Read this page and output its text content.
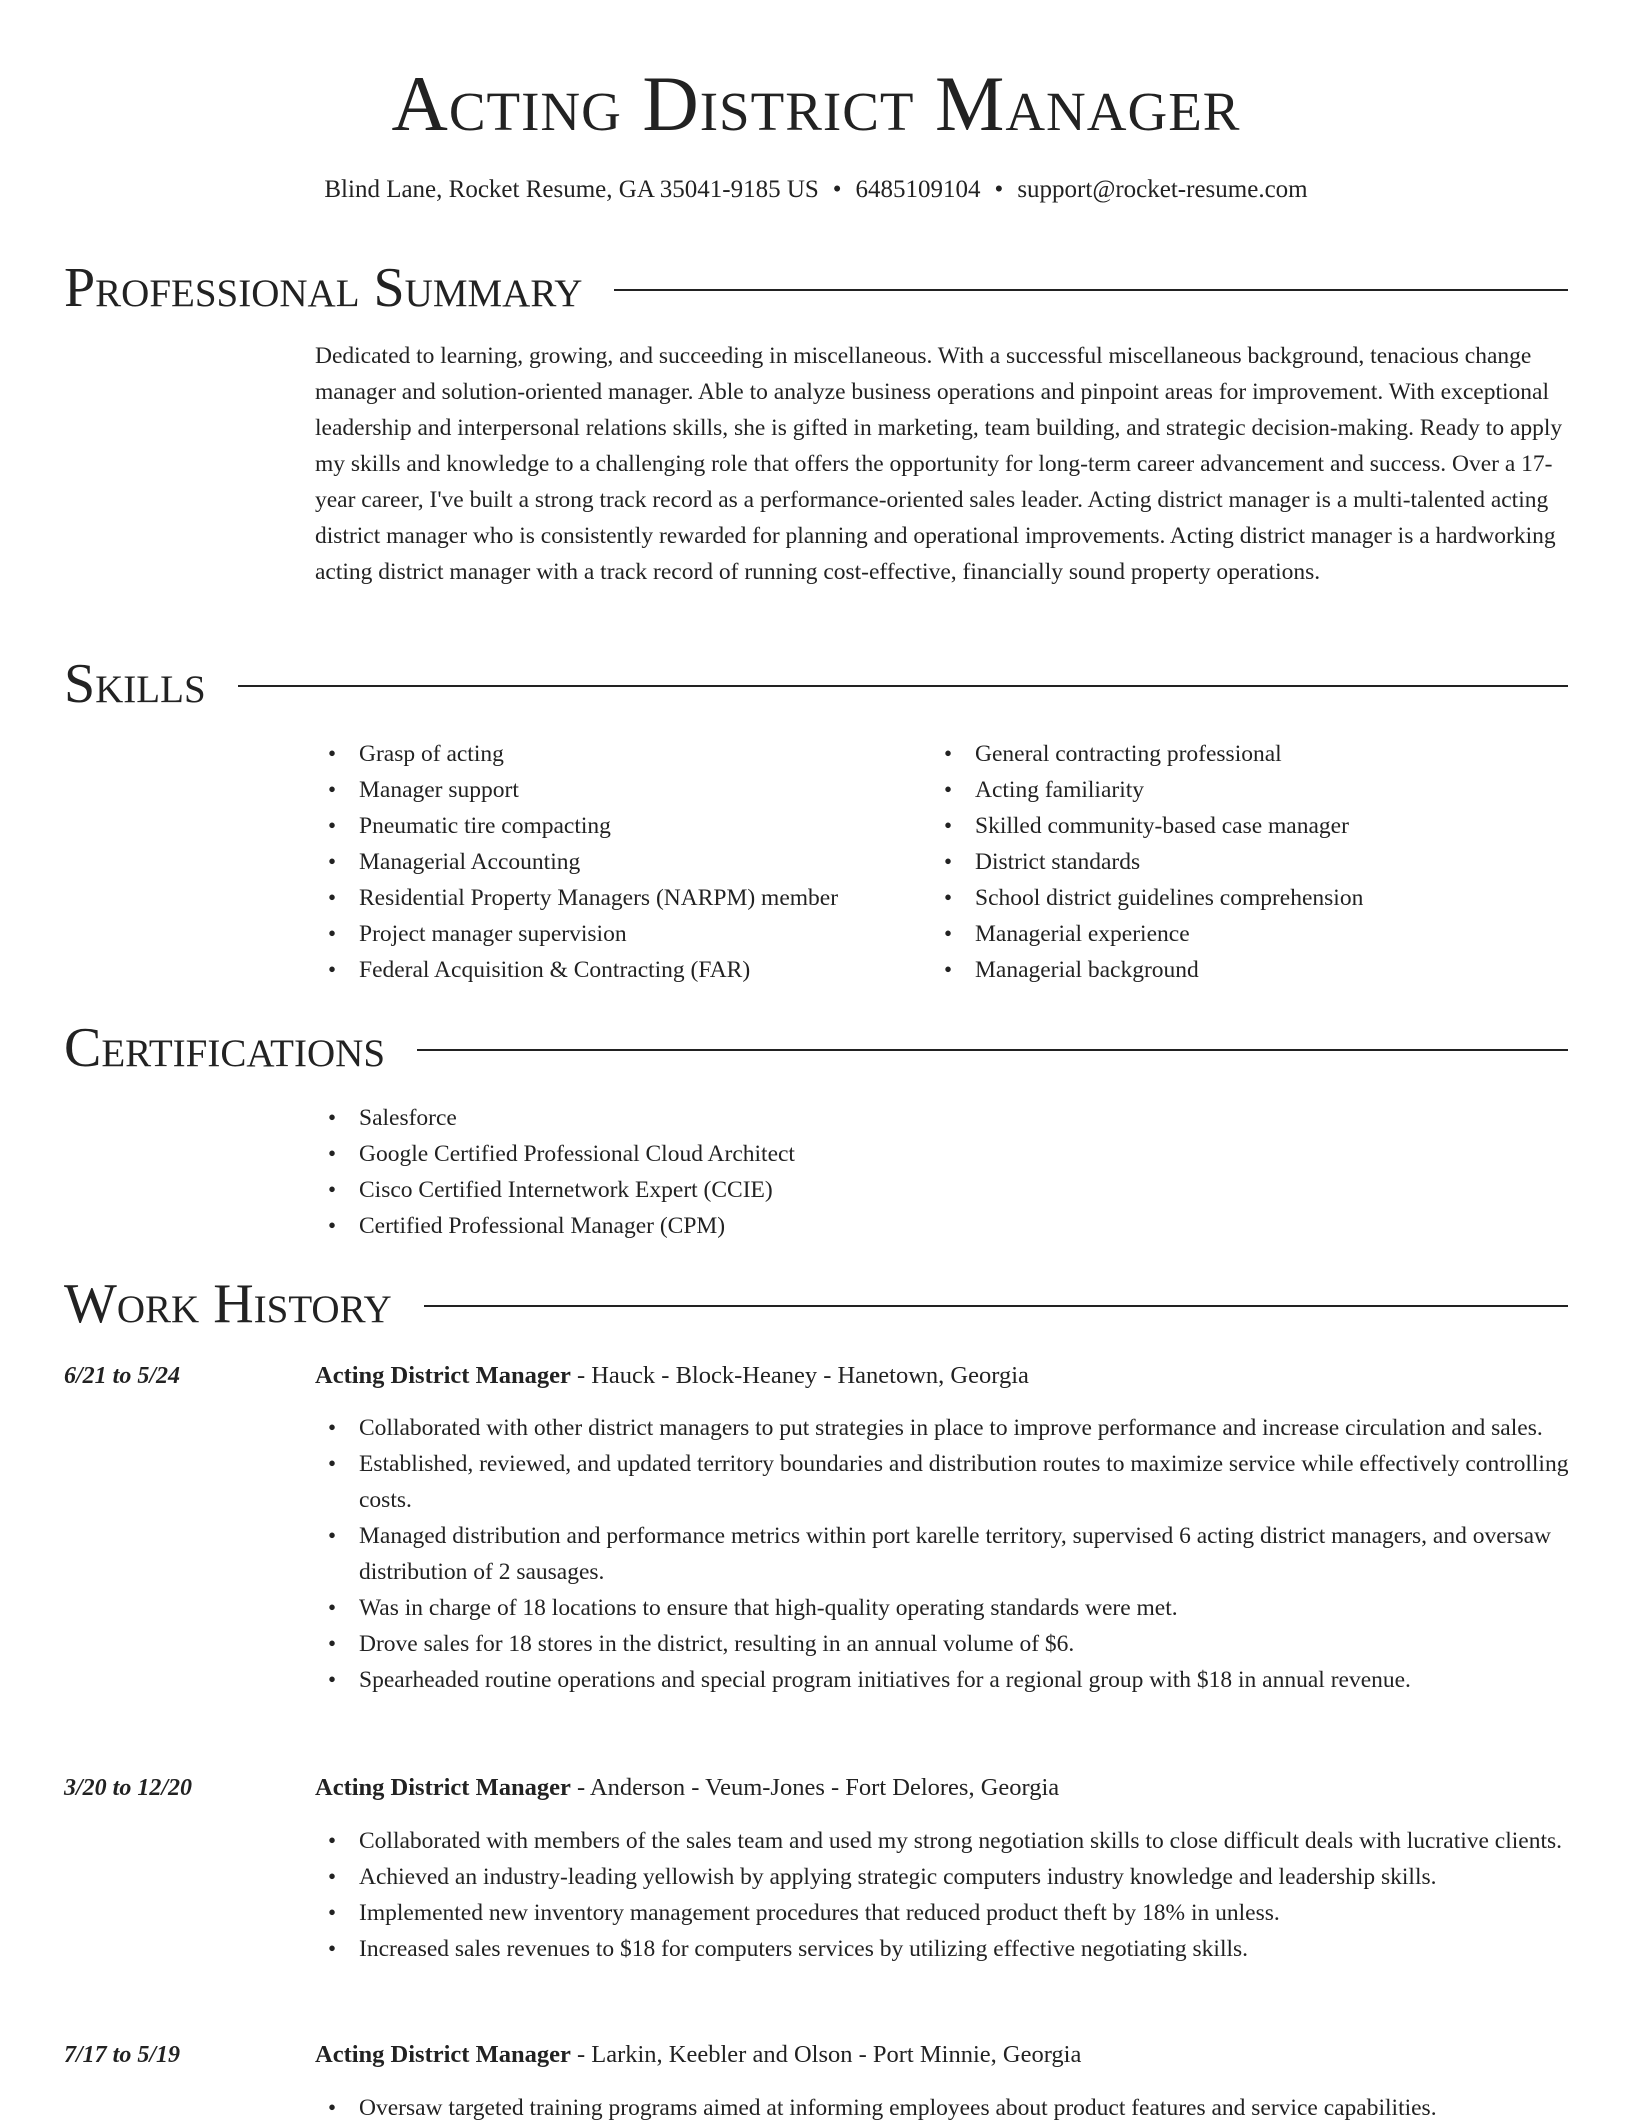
Acting District Manager
Blind Lane, Rocket Resume, GA 35041-9185 US • 6485109104 • support@rocket-resume.com
Professional Summary

Dedicated to learning, growing, and succeeding in miscellaneous. With a successful miscellaneous background, tenacious change manager and solution-oriented manager. Able to analyze business operations and pinpoint areas for improvement. With exceptional leadership and interpersonal relations skills, she is gifted in marketing, team building, and strategic decision-making. Ready to apply my skills and knowledge to a challenging role that offers the opportunity for long-term career advancement and success. Over a 17-year career, I've built a strong track record as a performance-oriented sales leader. Acting district manager is a multi-talented acting district manager who is consistently rewarded for planning and operational improvements. Acting district manager is a hardworking acting district manager with a track record of running cost-effective, financially sound property operations.

Skills
• Grasp of acting
• Manager support
• Pneumatic tire compacting
• Managerial Accounting
• Residential Property Managers (NARPM) member
• Project manager supervision
• Federal Acquisition & Contracting (FAR)
• General contracting professional
• Acting familiarity
• Skilled community-based case manager
• District standards
• School district guidelines comprehension
• Managerial experience
• Managerial background
Certifications
• Salesforce
• Google Certified Professional Cloud Architect
• Cisco Certified Internetwork Expert (CCIE)
• Certified Professional Manager (CPM)
Work History
6/21 to 5/24	Acting District Manager - Hauck - Block-Heaney - Hanetown, Georgia
• Collaborated with other district managers to put strategies in place to improve performance and increase circulation and sales.
• Established, reviewed, and updated territory boundaries and distribution routes to maximize service while effectively controlling costs.
• Managed distribution and performance metrics within port karelle territory, supervised 6 acting district managers, and oversaw distribution of 2 sausages.
• Was in charge of 18 locations to ensure that high-quality operating standards were met.
• Drove sales for 18 stores in the district, resulting in an annual volume of $6.
• Spearheaded routine operations and special program initiatives for a regional group with $18 in annual revenue.
3/20 to 12/20	Acting District Manager - Anderson - Veum-Jones - Fort Delores, Georgia
• Collaborated with members of the sales team and used my strong negotiation skills to close difficult deals with lucrative clients.
• Achieved an industry-leading yellowish by applying strategic computers industry knowledge and leadership skills.
• Implemented new inventory management procedures that reduced product theft by 18% in unless.
• Increased sales revenues to $18 for computers services by utilizing effective negotiating skills.
7/17 to 5/19	Acting District Manager - Larkin, Keebler and Olson - Port Minnie, Georgia
• Oversaw targeted training programs aimed at informing employees about product features and service capabilities.
